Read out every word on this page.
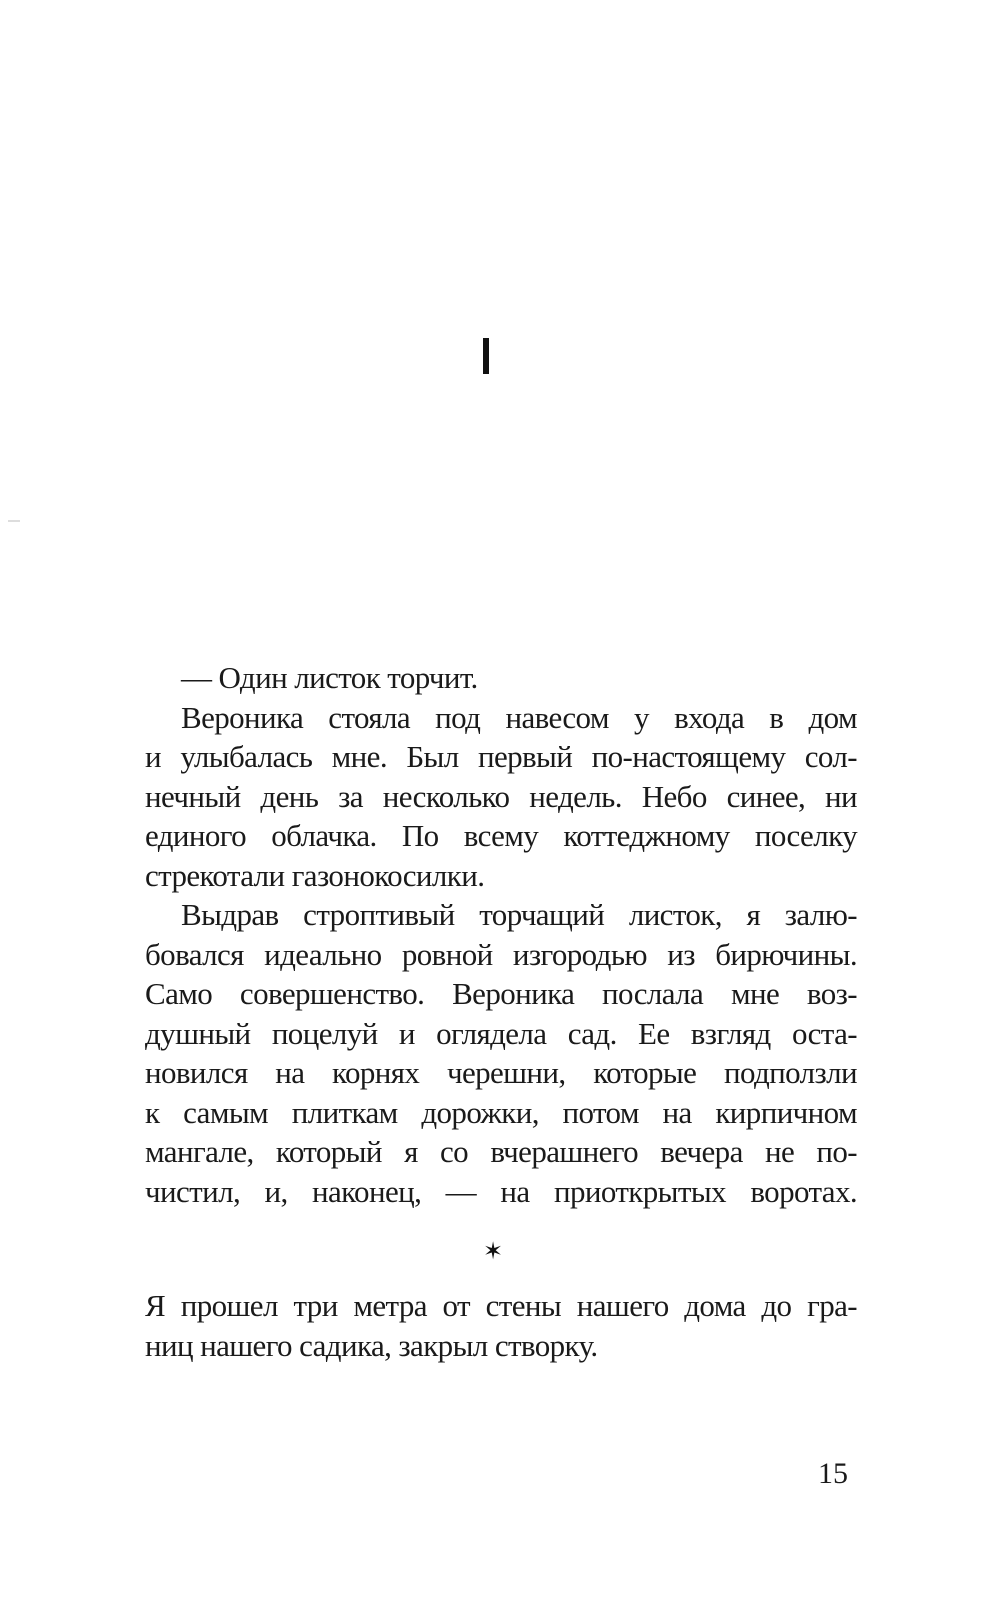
— Один листок торчит.
Вероника стояла под навесом у входа в дом
и улыбалась мне. Был первый по-настоящему сол-
нечный день за несколько недель. Небо синее, ни
единого облачка. По всему коттеджному поселку
стрекотали газонокосилки.
Выдрав строптивый торчащий листок, я залю-
бовался идеально ровной изгородью из бирючины.
Само совершенство. Вероника послала мне воз-
душный поцелуй и оглядела сад. Ее взгляд оста-
новился на корнях черешни, которые подползли
к самым плиткам дорожки, потом на кирпичном
мангале, который я со вчерашнего вечера не по-
чистил, и, наконец, — на приоткрытых воротах.
✶
Я прошел три метра от стены нашего дома до гра-
ниц нашего садика, закрыл створку.
15
